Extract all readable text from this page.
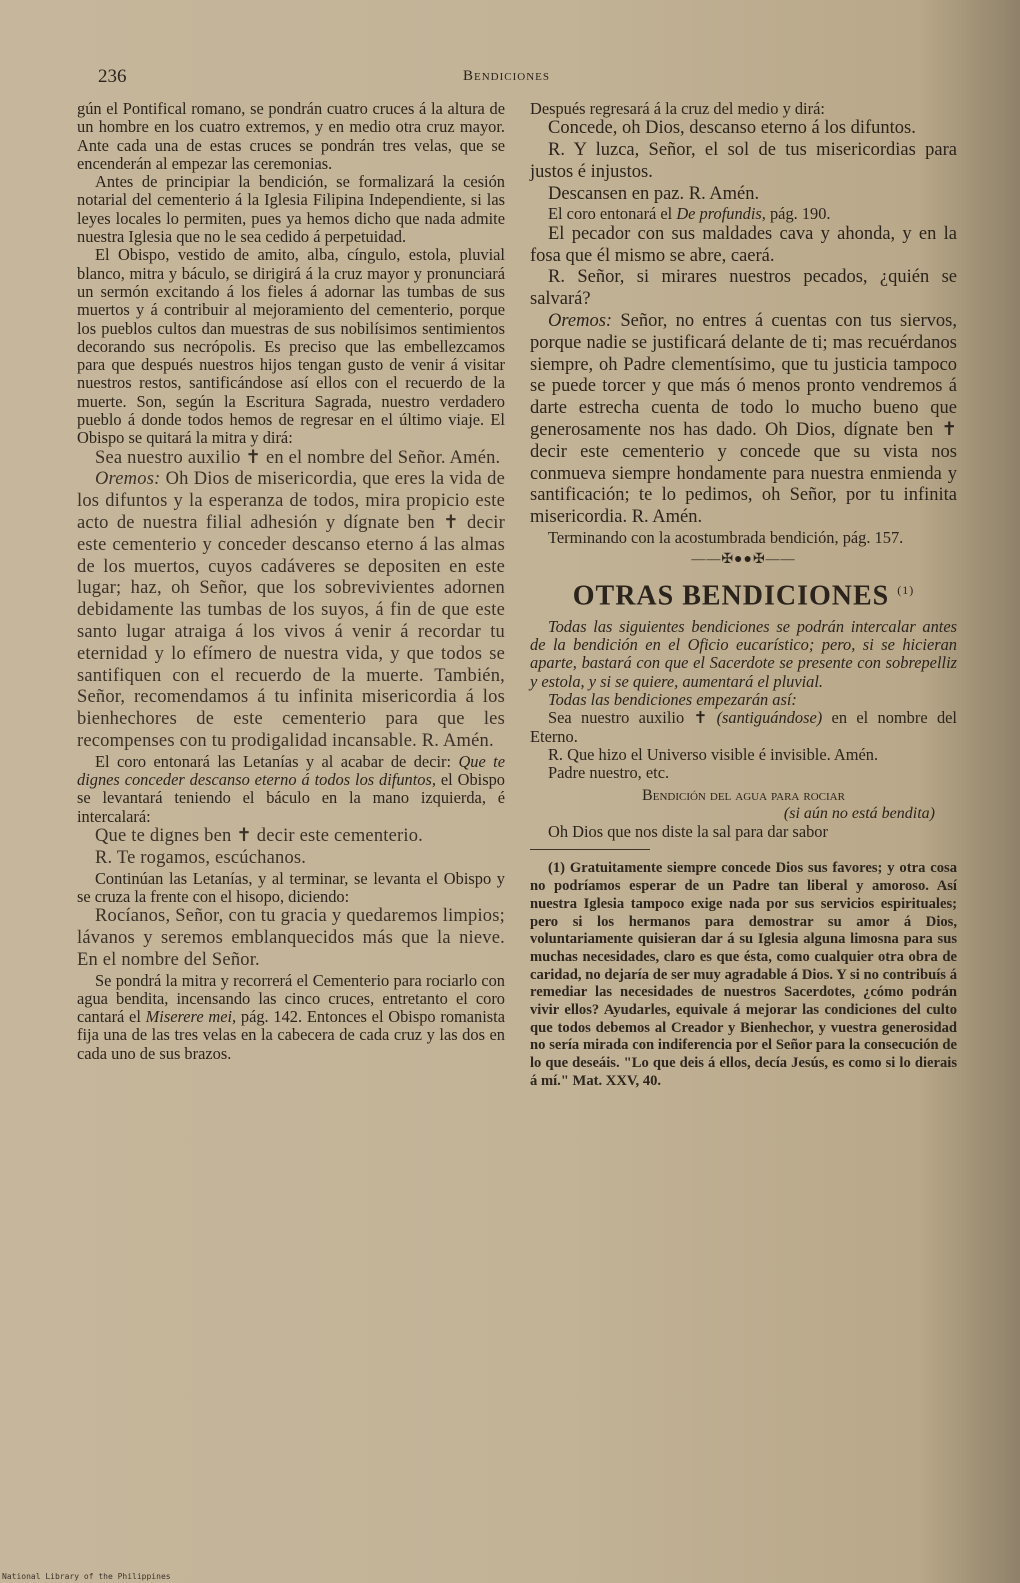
236	Bendiciones

gún el Pontifical romano, se pondrán cuatro cruces á la altura de un hombre en los cuatro extremos, y en medio otra cruz mayor. Ante cada una de estas cruces se pondrán tres velas, que se encenderán al empezar las ceremonias.

Antes de principiar la bendición, se formalizará la cesión notarial del cementerio á la Iglesia Filipina Independiente, si las leyes locales lo permiten, pues ya hemos dicho que nada admite nuestra Iglesia que no le sea cedido á perpetuidad.

El Obispo, vestido de amito, alba, cíngulo, estola, pluvial blanco, mitra y báculo, se dirigirá á la cruz mayor y pronunciará un sermón excitando á los fieles á adornar las tumbas de sus muertos y á contribuir al mejoramiento del cementerio, porque los pueblos cultos dan muestras de sus nobilísimos sentimientos decorando sus necrópolis. Es preciso que las embellezcamos para que después nuestros hijos tengan gusto de venir á visitar nuestros restos, santificándose así ellos con el recuerdo de la muerte. Son, según la Escritura Sagrada, nuestro verdadero pueblo á donde todos hemos de regresar en el último viaje. El Obispo se quitará la mitra y dirá:

Sea nuestro auxilio ✝ en el nombre del Señor. Amén.

Oremos: Oh Dios de misericordia, que eres la vida de los difuntos y la esperanza de todos, mira propicio este acto de nuestra filial adhesión y dígnate ben ✝ decir este cementerio y conceder descanso eterno á las almas de los muertos, cuyos cadáveres se depositen en este lugar; haz, oh Señor, que los sobrevivientes adornen debidamente las tumbas de los suyos, á fin de que este santo lugar atraiga á los vivos á venir á recordar tu eternidad y lo efímero de nuestra vida, y que todos se santifiquen con el recuerdo de la muerte. También, Señor, recomendamos á tu infinita misericordia á los bienhechores de este cementerio para que les recompenses con tu prodigalidad incansable. R. Amén.

El coro entonará las Letanías y al acabar de decir: Que te dignes conceder descanso eterno á todos los difuntos, el Obispo se levantará teniendo el báculo en la mano izquierda, é intercalará:

Que te dignes ben ✝ decir este cementerio.

R. Te rogamos, escúchanos.

Continúan las Letanías, y al terminar, se levanta el Obispo y se cruza la frente con el hisopo, diciendo:

Rocíanos, Señor, con tu gracia y quedaremos limpios; lávanos y seremos emblanquecidos más que la nieve. En el nombre del Señor.

Se pondrá la mitra y recorrerá el Cementerio para rociarlo con agua bendita, incensando las cinco cruces, entretanto el coro cantará el Miserere mei, pág. 142. Entonces el Obispo romanista fija una de las tres velas en la cabecera de cada cruz y las dos en cada uno de sus brazos.

Después regresará á la cruz del medio y dirá:

Concede, oh Dios, descanso eterno á los difuntos.

R. Y luzca, Señor, el sol de tus misericordias para justos é injustos.

Descansen en paz. R. Amén.

El coro entonará el De profundis, pág. 190.

El pecador con sus maldades cava y ahonda, y en la fosa que él mismo se abre, caerá.

R. Señor, si mirares nuestros pecados, ¿quién se salvará?

Oremos: Señor, no entres á cuentas con tus siervos, porque nadie se justificará delante de ti; mas recuérdanos siempre, oh Padre clementísimo, que tu justicia tampoco se puede torcer y que más ó menos pronto vendremos á darte estrecha cuenta de todo lo mucho bueno que generosamente nos has dado. Oh Dios, dígnate ben ✝ decir este cementerio y concede que su vista nos conmueva siempre hondamente para nuestra enmienda y santificación; te lo pedimos, oh Señor, por tu infinita misericordia. R. Amén.

Terminando con la acostumbrada bendición, pág. 157.

——✠●●✠——
OTRAS BENDICIONES $^{(1)}$

Todas las siguientes bendiciones se podrán intercalar antes de la bendición en el Oficio eucarístico; pero, si se hicieran aparte, bastará con que el Sacerdote se presente con sobrepelliz y estola, y si se quiere, aumentará el pluvial.

Todas las bendiciones empezarán así:

Sea nuestro auxilio ✝ (santiguándose) en el nombre del Eterno.

R. Que hizo el Universo visible é invisible. Amén.

Padre nuestro, etc.

Bendición del agua para rociar
(si aún no está bendita)

Oh Dios que nos diste la sal para dar sabor

(1) Gratuitamente siempre concede Dios sus favores; y otra cosa no podríamos esperar de un Padre tan liberal y amoroso. Así nuestra Iglesia tampoco exige nada por sus servicios espirituales; pero si los hermanos para demostrar su amor á Dios, voluntariamente quisieran dar á su Iglesia alguna limosna para sus muchas necesidades, claro es que ésta, como cualquier otra obra de caridad, no dejaría de ser muy agradable á Dios. Y si no contribuís á remediar las necesidades de nuestros Sacerdotes, ¿cómo podrán vivir ellos? Ayudarles, equivale á mejorar las condiciones del culto que todos debemos al Creador y Bienhechor, y vuestra generosidad no sería mirada con indiferencia por el Señor para la consecución de lo que deseáis. "Lo que deis á ellos, decía Jesús, es como si lo dierais á mí." Mat. XXV, 40.

National Library of the Philippines
